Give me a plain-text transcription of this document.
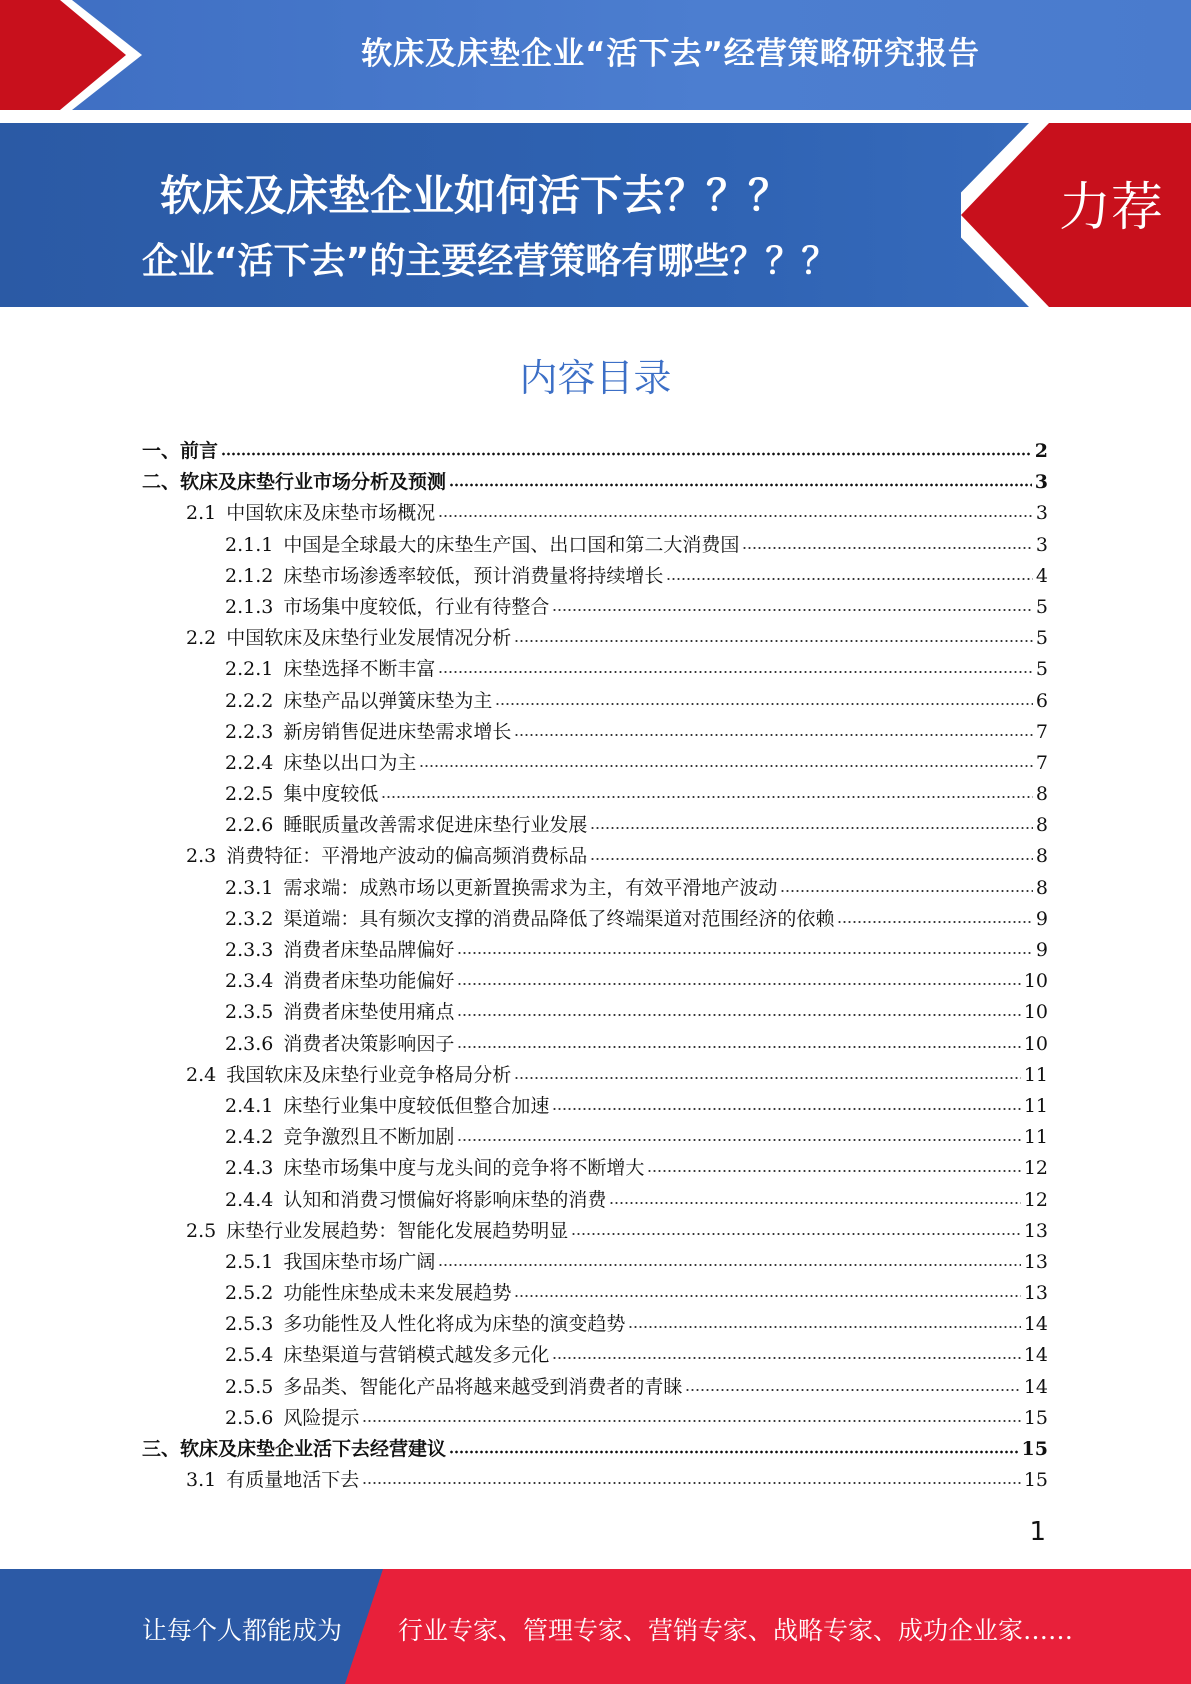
软床及床垫企业“活下去”经营策略研究报告
软床及床垫企业如何活下去？？？
企业“活下去”的主要经营策略有哪些？？？
力荐
内容目录
一、前言	2
二、软床及床垫行业市场分析及预测	3
2.1 中国软床及床垫市场概况	3
2.1.1 中国是全球最大的床垫生产国、出口国和第二大消费国	3
2.1.2 床垫市场渗透率较低，预计消费量将持续增长	4
2.1.3 市场集中度较低，行业有待整合	5
2.2 中国软床及床垫行业发展情况分析	5
2.2.1 床垫选择不断丰富	5
2.2.2 床垫产品以弹簧床垫为主	6
2.2.3 新房销售促进床垫需求增长	7
2.2.4 床垫以出口为主	7
2.2.5 集中度较低	8
2.2.6 睡眠质量改善需求促进床垫行业发展	8
2.3 消费特征：平滑地产波动的偏高频消费标品	8
2.3.1 需求端：成熟市场以更新置换需求为主，有效平滑地产波动	8
2.3.2 渠道端：具有频次支撑的消费品降低了终端渠道对范围经济的依赖	9
2.3.3 消费者床垫品牌偏好	9
2.3.4 消费者床垫功能偏好	10
2.3.5 消费者床垫使用痛点	10
2.3.6 消费者决策影响因子	10
2.4 我国软床及床垫行业竞争格局分析	11
2.4.1 床垫行业集中度较低但整合加速	11
2.4.2 竞争激烈且不断加剧	11
2.4.3 床垫市场集中度与龙头间的竞争将不断增大	12
2.4.4 认知和消费习惯偏好将影响床垫的消费	12
2.5 床垫行业发展趋势：智能化发展趋势明显	13
2.5.1 我国床垫市场广阔	13
2.5.2 功能性床垫成未来发展趋势	13
2.5.3 多功能性及人性化将成为床垫的演变趋势	14
2.5.4 床垫渠道与营销模式越发多元化	14
2.5.5 多品类、智能化产品将越来越受到消费者的青睐	14
2.5.6 风险提示	15
三、软床及床垫企业活下去经营建议	15
3.1 有质量地活下去	15
1
让每个人都能成为 行业专家、管理专家、营销专家、战略专家、成功企业家……
